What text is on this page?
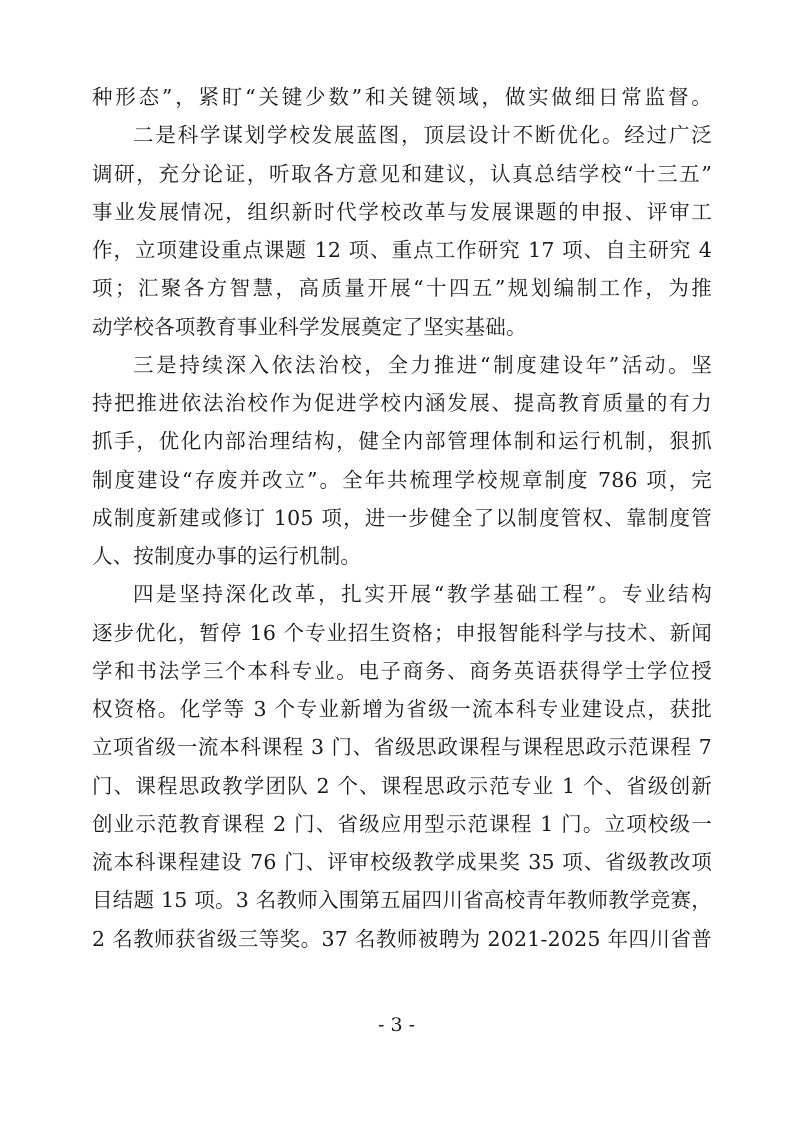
种形态”，紧盯“关键少数”和关键领域，做实做细日常监督。
二是科学谋划学校发展蓝图，顶层设计不断优化。经过广泛
调研，充分论证，听取各方意见和建议，认真总结学校“十三五”
事业发展情况，组织新时代学校改革与发展课题的申报、评审工
作，立项建设重点课题 12 项、重点工作研究 17 项、自主研究 4
项；汇聚各方智慧，高质量开展“十四五”规划编制工作，为推
动学校各项教育事业科学发展奠定了坚实基础。
三是持续深入依法治校，全力推进“制度建设年”活动。坚
持把推进依法治校作为促进学校内涵发展、提高教育质量的有力
抓手，优化内部治理结构，健全内部管理体制和运行机制，狠抓
制度建设“存废并改立”。全年共梳理学校规章制度 786 项，完
成制度新建或修订 105 项，进一步健全了以制度管权、靠制度管
人、按制度办事的运行机制。
四是坚持深化改革，扎实开展“教学基础工程”。专业结构
逐步优化，暂停 16 个专业招生资格；申报智能科学与技术、新闻
学和书法学三个本科专业。电子商务、商务英语获得学士学位授
权资格。化学等 3 个专业新增为省级一流本科专业建设点，获批
立项省级一流本科课程 3 门、省级思政课程与课程思政示范课程 7
门、课程思政教学团队 2 个、课程思政示范专业 1 个、省级创新
创业示范教育课程 2 门、省级应用型示范课程 1 门。立项校级一
流本科课程建设 76 门、评审校级教学成果奖 35 项、省级教改项
目结题 15 项。3 名教师入围第五届四川省高校青年教师教学竞赛，
2 名教师获省级三等奖。37 名教师被聘为 2021-2025 年四川省普
- 3 -
